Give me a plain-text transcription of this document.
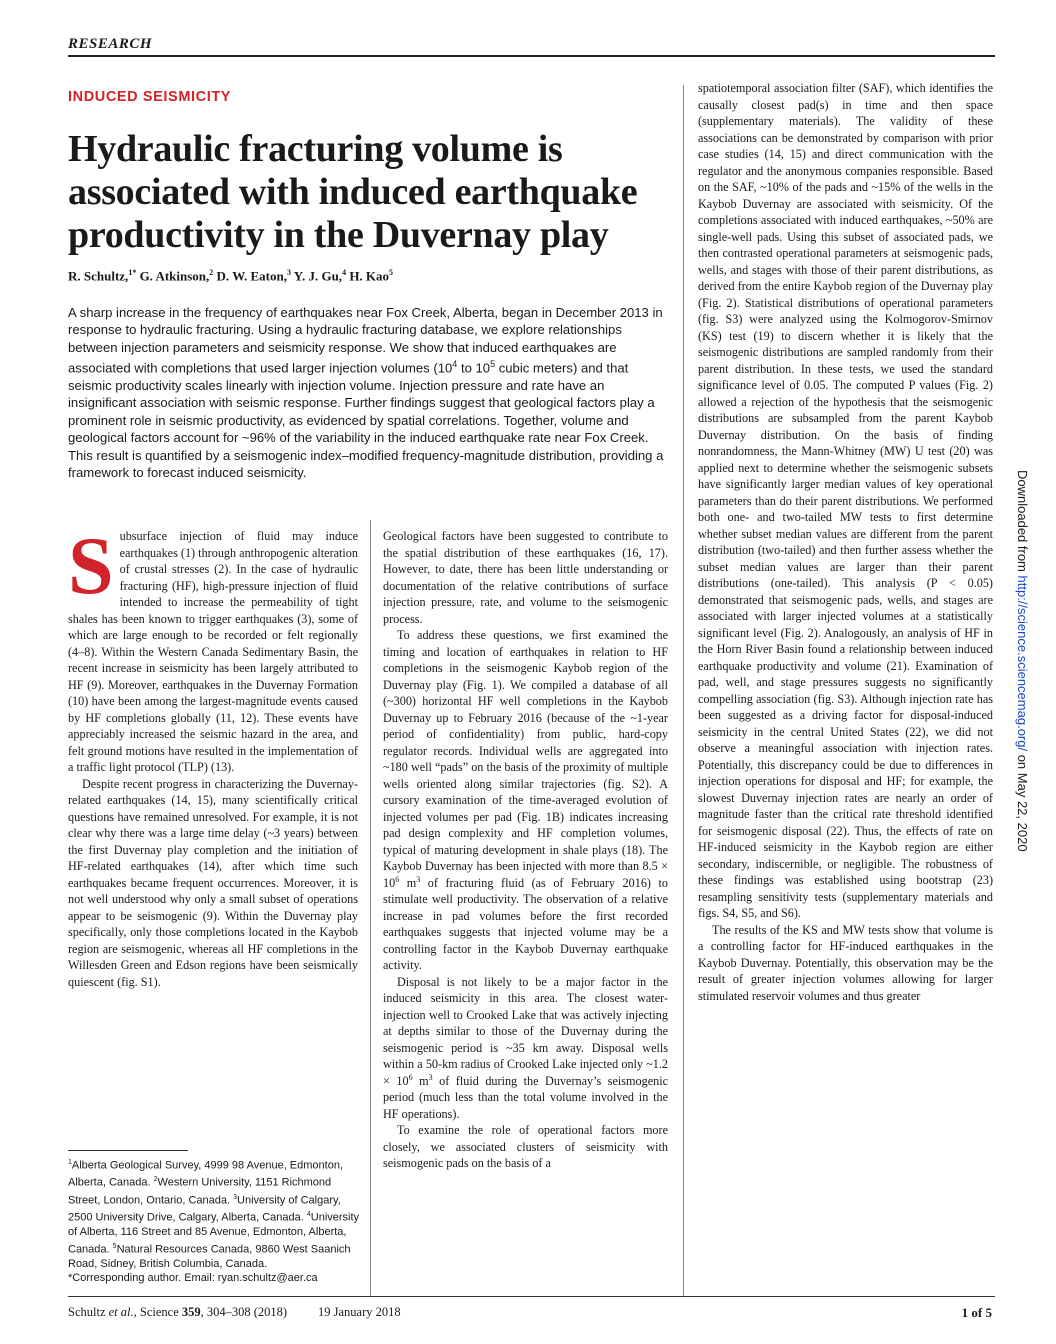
RESEARCH
INDUCED SEISMICITY
Hydraulic fracturing volume is associated with induced earthquake productivity in the Duvernay play
R. Schultz,$^{1*}$ G. Atkinson,$^2$ D. W. Eaton,$^3$ Y. J. Gu,$^4$ H. Kao$^5$

A sharp increase in the frequency of earthquakes near Fox Creek, Alberta, began in December 2013 in response to hydraulic fracturing. Using a hydraulic fracturing database, we explore relationships between injection parameters and seismicity response. We show that induced earthquakes are associated with completions that used larger injection volumes ($10^4$ to $10^5$ cubic meters) and that seismic productivity scales linearly with injection volume. Injection pressure and rate have an insignificant association with seismic response. Further findings suggest that geological factors play a prominent role in seismic productivity, as evidenced by spatial correlations. Together, volume and geological factors account for ~96% of the variability in the induced earthquake rate near Fox Creek. This result is quantified by a seismogenic index–modified frequency-magnitude distribution, providing a framework to forecast induced seismicity.

S ubsurface injection of fluid may induce earthquakes (1) through anthropogenic alteration of crustal stresses (2). In the case of hydraulic fracturing (HF), high-pressure injection of fluid intended to increase the permeability of tight shales has been known to trigger earthquakes (3), some of which are large enough to be recorded or felt regionally (4–8). Within the Western Canada Sedimentary Basin, the recent increase in seismicity has been largely attributed to HF (9). Moreover, earthquakes in the Duvernay Formation (10) have been among the largest-magnitude events caused by HF completions globally (11, 12). These events have appreciably increased the seismic hazard in the area, and felt ground motions have resulted in the implementation of a traffic light protocol (TLP) (13).

Despite recent progress in characterizing the Duvernay-related earthquakes (14, 15), many scientifically critical questions have remained unresolved. For example, it is not clear why there was a large time delay (~3 years) between the first Duvernay play completion and the initiation of HF-related earthquakes (14), after which time such earthquakes became frequent occurrences. Moreover, it is not well understood why only a small subset of operations appear to be seismogenic (9). Within the Duvernay play specifically, only those completions located in the Kaybob region are seismogenic, whereas all HF completions in the Willesden Green and Edson regions have been seismically quiescent (fig. S1).

$^1$Alberta Geological Survey, 4999 98 Avenue, Edmonton, Alberta, Canada. $^2$Western University, 1151 Richmond Street, London, Ontario, Canada. $^3$University of Calgary, 2500 University Drive, Calgary, Alberta, Canada. $^4$University of Alberta, 116 Street and 85 Avenue, Edmonton, Alberta, Canada. $^5$Natural Resources Canada, 9860 West Saanich Road, Sidney, British Columbia, Canada.
*Corresponding author. Email: ryan.schultz@aer.ca

Geological factors have been suggested to contribute to the spatial distribution of these earthquakes (16, 17). However, to date, there has been little understanding or documentation of the relative contributions of surface injection pressure, rate, and volume to the seismogenic process.

To address these questions, we first examined the timing and location of earthquakes in relation to HF completions in the seismogenic Kaybob region of the Duvernay play (Fig. 1). We compiled a database of all (~300) horizontal HF well completions in the Kaybob Duvernay up to February 2016 (because of the ~1-year period of confidentiality) from public, hard-copy regulator records. Individual wells are aggregated into ~180 well “pads” on the basis of the proximity of multiple wells oriented along similar trajectories (fig. S2). A cursory examination of the time-averaged evolution of injected volumes per pad (Fig. 1B) indicates increasing pad design complexity and HF completion volumes, typical of maturing development in shale plays (18). The Kaybob Duvernay has been injected with more than $8.5 \times 10^6$ $m^3$ of fracturing fluid (as of February 2016) to stimulate well productivity. The observation of a relative increase in pad volumes before the first recorded earthquakes suggests that injected volume may be a controlling factor in the Kaybob Duvernay earthquake activity.

Disposal is not likely to be a major factor in the induced seismicity in this area. The closest water-injection well to Crooked Lake that was actively injecting at depths similar to those of the Duvernay during the seismogenic period is ~35 km away. Disposal wells within a 50-km radius of Crooked Lake injected only ~1.2 × $10^6$ $m^3$ of fluid during the Duvernay’s seismogenic period (much less than the total volume involved in the HF operations).

To examine the role of operational factors more closely, we associated clusters of seismicity with seismogenic pads on the basis of a

spatiotemporal association filter (SAF), which identifies the causally closest pad(s) in time and then space (supplementary materials). The validity of these associations can be demonstrated by comparison with prior case studies (14, 15) and direct communication with the regulator and the anonymous companies responsible. Based on the SAF, ~10% of the pads and ~15% of the wells in the Kaybob Duvernay are associated with seismicity. Of the completions associated with induced earthquakes, ~50% are single-well pads. Using this subset of associated pads, we then contrasted operational parameters at seismogenic pads, wells, and stages with those of their parent distributions, as derived from the entire Kaybob region of the Duvernay play (Fig. 2). Statistical distributions of operational parameters (fig. S3) were analyzed using the Kolmogorov-Smirnov (KS) test (19) to discern whether it is likely that the seismogenic distributions are sampled randomly from their parent distribution. In these tests, we used the standard significance level of 0.05. The computed P values (Fig. 2) allowed a rejection of the hypothesis that the seismogenic distributions are subsampled from the parent Kaybob Duvernay distribution. On the basis of finding nonrandomness, the Mann-Whitney (MW) U test (20) was applied next to determine whether the seismogenic subsets have significantly larger median values of key operational parameters than do their parent distributions. We performed both one- and two-tailed MW tests to first determine whether subset median values are different from the parent distribution (two-tailed) and then further assess whether the subset median values are larger than their parent distributions (one-tailed). This analysis (P < 0.05) demonstrated that seismogenic pads, wells, and stages are associated with larger injected volumes at a statistically significant level (Fig. 2). Analogously, an analysis of HF in the Horn River Basin found a relationship between induced earthquake productivity and volume (21). Examination of pad, well, and stage pressures suggests no significantly compelling association (fig. S3). Although injection rate has been suggested as a driving factor for disposal-induced seismicity in the central United States (22), we did not observe a meaningful association with injection rates. Potentially, this discrepancy could be due to differences in injection operations for disposal and HF; for example, the slowest Duvernay injection rates are nearly an order of magnitude faster than the critical rate threshold identified for seismogenic disposal (22). Thus, the effects of rate on HF-induced seismicity in the Kaybob region are either secondary, indiscernible, or negligible. The robustness of these findings was established using bootstrap (23) resampling sensitivity tests (supplementary materials and figs. S4, S5, and S6).

The results of the KS and MW tests show that volume is a controlling factor for HF-induced earthquakes in the Kaybob Duvernay. Potentially, this observation may be the result of greater injection volumes allowing for larger stimulated reservoir volumes and thus greater

Downloaded from http://science.sciencemag.org/ on May 22, 2020
Schultz et al., Science 359, 304–308 (2018) 19 January 2018	1 of 5
